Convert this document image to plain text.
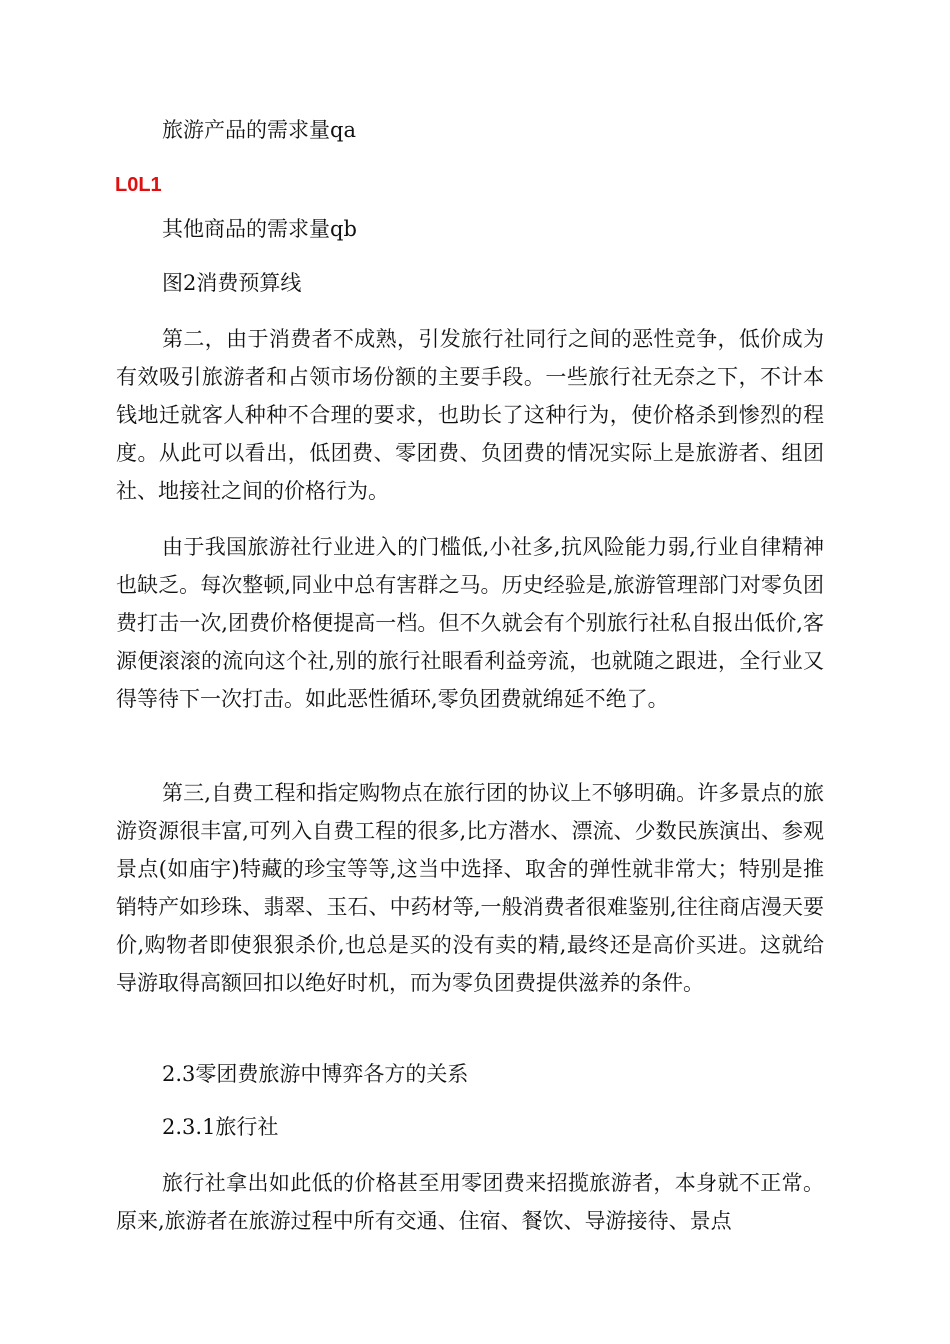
旅游产品的需求量qa
L0L1
其他商品的需求量qb
图2消费预算线

第二，由于消费者不成熟，引发旅行社同行之间的恶性竞争，低价成为有效吸引旅游者和占领市场份额的主要手段。一些旅行社无奈之下，不计本钱地迁就客人种种不合理的要求，也助长了这种行为，使价格杀到惨烈的程度。从此可以看出，低团费、零团费、负团费的情况实际上是旅游者、组团社、地接社之间的价格行为。

由于我国旅游社行业进入的门槛低,小社多,抗风险能力弱,行业自律精神也缺乏。每次整顿,同业中总有害群之马。历史经验是,旅游管理部门对零负团费打击一次,团费价格便提高一档。但不久就会有个别旅行社私自报出低价,客源便滚滚的流向这个社,别的旅行社眼看利益旁流，也就随之跟进，全行业又得等待下一次打击。如此恶性循环,零负团费就绵延不绝了。

第三,自费工程和指定购物点在旅行团的协议上不够明确。许多景点的旅游资源很丰富,可列入自费工程的很多,比方潜水、漂流、少数民族演出、参观景点(如庙宇)特藏的珍宝等等,这当中选择、取舍的弹性就非常大；特别是推销特产如珍珠、翡翠、玉石、中药材等,一般消费者很难鉴别,往往商店漫天要价,购物者即使狠狠杀价,也总是买的没有卖的精,最终还是高价买进。这就给导游取得高额回扣以绝好时机，而为零负团费提供滋养的条件。

2.3零团费旅游中博弈各方的关系
2.3.1旅行社

旅行社拿出如此低的价格甚至用零团费来招揽旅游者，本身就不正常。原来,旅游者在旅游过程中所有交通、住宿、餐饮、导游接待、景点
